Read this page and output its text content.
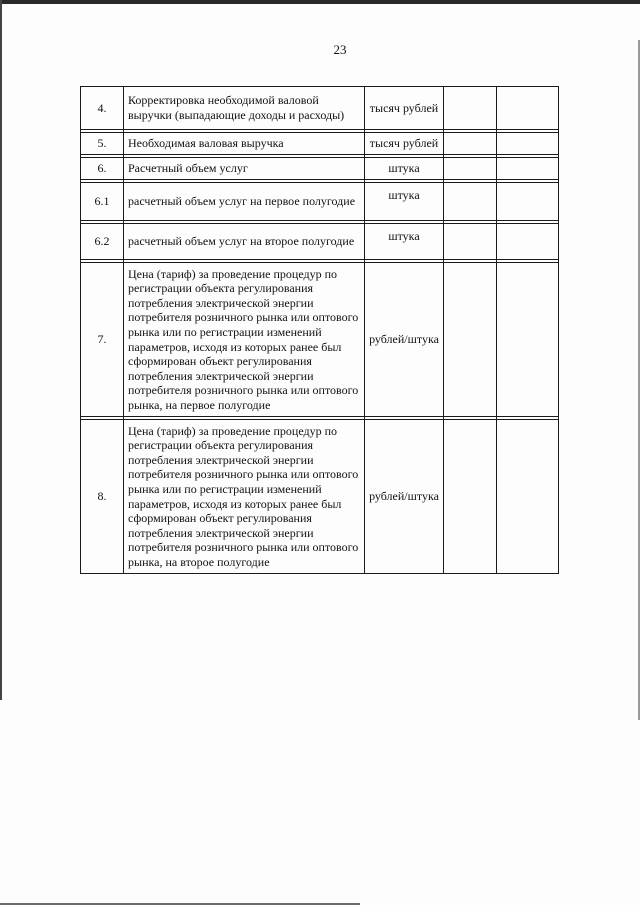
23
4.	Корректировка необходимой валовой выручки (выпадающие доходы и расходы)	тысяч рублей		

5.	Необходимая валовая выручка	тысяч рублей		

6.	Расчетный объем услуг	штука		

6.1	расчетный объем услуг на первое полугодие	штука		

6.2	расчетный объем услуг на второе полугодие	штука		

7.	Цена (тариф) за проведение процедур по регистрации объекта регулирования потребления электрической энергии потребителя розничного рынка или оптового рынка или по регистрации изменений параметров, исходя из которых ранее был сформирован объект регулирования потребления электрической энергии потребителя розничного рынка или оптового рынка, на первое полугодие	рублей/штука		

8.	Цена (тариф) за проведение процедур по регистрации объекта регулирования потребления электрической энергии потребителя розничного рынка или оптового рынка или по регистрации изменений параметров, исходя из которых ранее был сформирован объект регулирования потребления электрической энергии потребителя розничного рынка или оптового рынка, на второе полугодие	рублей/штука		
